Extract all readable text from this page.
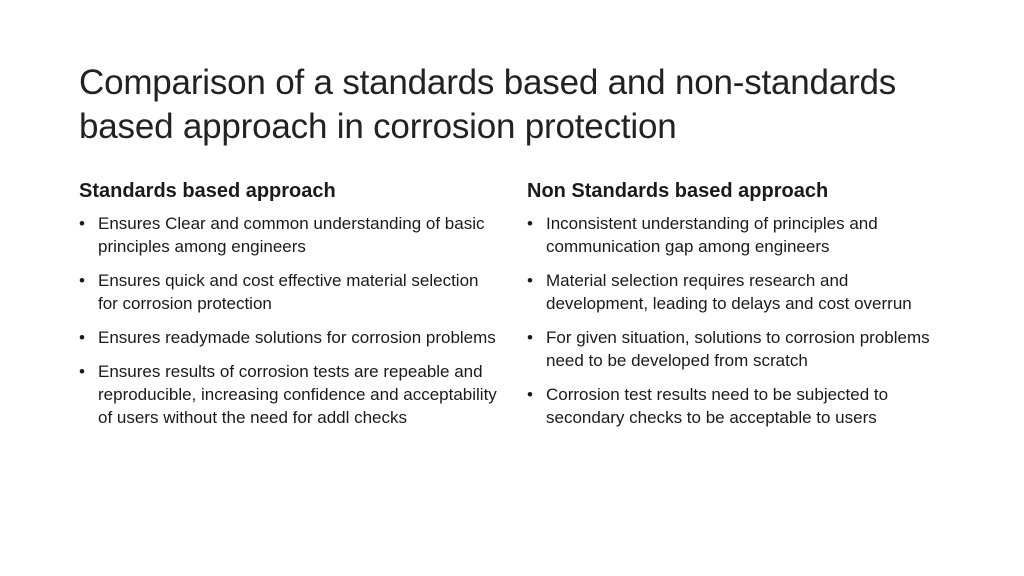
Comparison of a standards based and non-standards based approach in corrosion protection
Standards based approach
• Ensures Clear and common understanding of basic principles among engineers
• Ensures quick and cost effective material selection for corrosion protection
• Ensures readymade solutions for corrosion problems
• Ensures results of corrosion tests are repeable and reproducible, increasing confidence and acceptability of users without the need for addl checks
Non Standards based approach
• Inconsistent understanding of principles and communication gap among engineers
• Material selection requires research and development, leading to delays and cost overrun
• For given situation, solutions to corrosion problems need to be developed from scratch
• Corrosion test results need to be subjected to secondary checks to be acceptable to users
